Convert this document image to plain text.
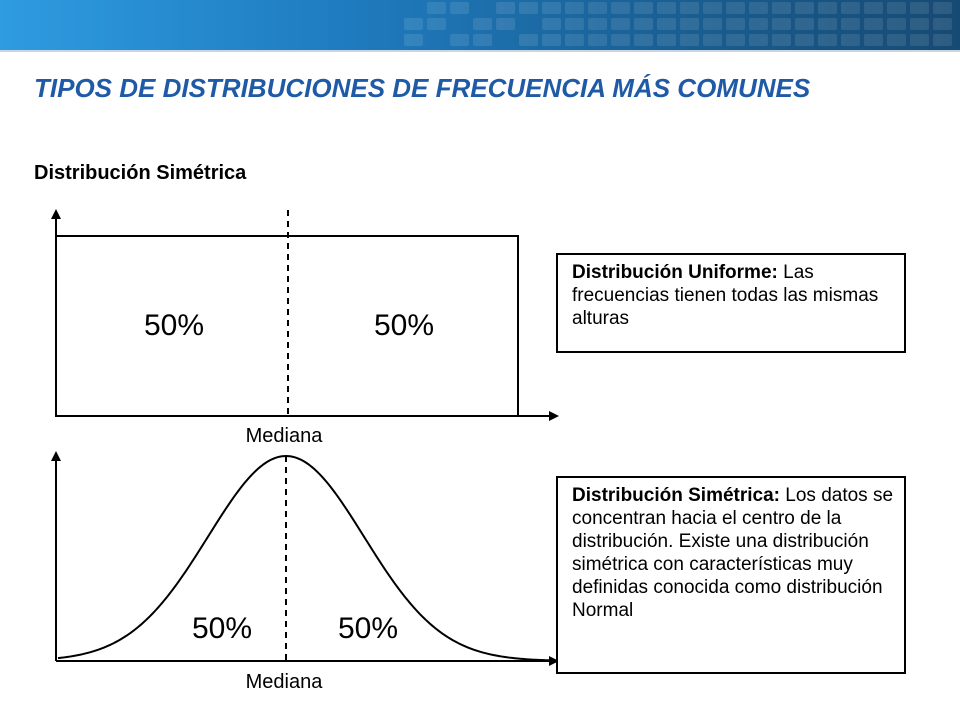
TIPOS DE DISTRIBUCIONES DE FRECUENCIA MÁS COMUNES
Distribución Simétrica
50%	50%
Mediana
50%	50%
Mediana
Distribución Uniforme: Las frecuencias tienen todas las mismas alturas
Distribución Simétrica: Los datos se concentran hacia el centro de la distribución. Existe una distribución simétrica con características muy definidas conocida como distribución Normal
